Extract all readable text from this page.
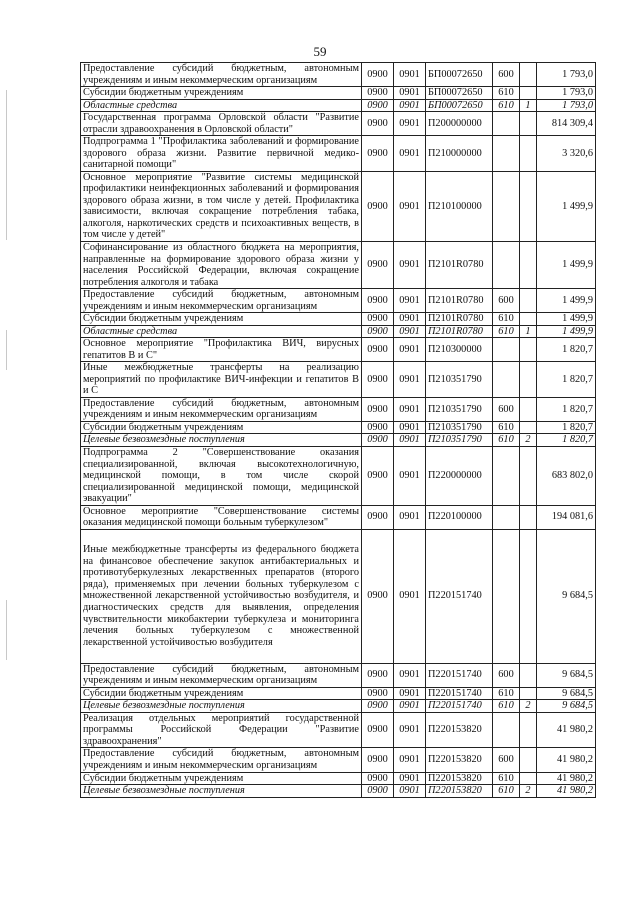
59
Предоставление субсидий бюджетным, автономным учреждениям и иным некоммерческим организациям	0900	0901	БП00072650	600		1 793,0
Субсидии бюджетным учреждениям	0900	0901	БП00072650	610		1 793,0
Областные средства	0900	0901	БП00072650	610	1	1 793,0
Государственная программа Орловской области "Развитие отрасли здравоохранения в Орловской области"	0900	0901	П200000000			814 309,4
Подпрограмма 1 "Профилактика заболеваний и формирование здорового образа жизни. Развитие первичной медико-санитарной помощи"	0900	0901	П210000000			3 320,6
Основное мероприятие "Развитие системы медицинской профилактики неинфекционных заболеваний и формирования здорового образа жизни, в том числе у детей. Профилактика зависимости, включая сокращение потребления табака, алкоголя, наркотических средств и психоактивных веществ, в том числе у детей"	0900	0901	П210100000			1 499,9
Софинансирование из областного бюджета на мероприятия, направленные на формирование здорового образа жизни у населения Российской Федерации, включая сокращение потребления алкоголя и табака	0900	0901	П2101R0780			1 499,9
Предоставление субсидий бюджетным, автономным учреждениям и иным некоммерческим организациям	0900	0901	П2101R0780	600		1 499,9
Субсидии бюджетным учреждениям	0900	0901	П2101R0780	610		1 499,9
Областные средства	0900	0901	П2101R0780	610	1	1 499,9
Основное мероприятие "Профилактика ВИЧ, вирусных гепатитов В и С"	0900	0901	П210300000			1 820,7
Иные межбюджетные трансферты на реализацию мероприятий по профилактике ВИЧ-инфекции и гепатитов В и С	0900	0901	П210351790			1 820,7
Предоставление субсидий бюджетным, автономным учреждениям и иным некоммерческим организациям	0900	0901	П210351790	600		1 820,7
Субсидии бюджетным учреждениям	0900	0901	П210351790	610		1 820,7
Целевые безвозмездные поступления	0900	0901	П210351790	610	2	1 820,7
Подпрограмма 2 "Совершенствование оказания специализированной, включая высокотехнологичную, медицинской помощи, в том числе скорой специализированной медицинской помощи, медицинской эвакуации"	0900	0901	П220000000			683 802,0
Основное мероприятие "Совершенствование системы оказания медицинской помощи больным туберкулезом"	0900	0901	П220100000			194 081,6
Иные межбюджетные трансферты из федерального бюджета на финансовое обеспечение закупок антибактериальных и противотуберкулезных лекарственных препаратов (второго ряда), применяемых при лечении больных туберкулезом с множественной лекарственной устойчивостью возбудителя, и диагностических средств для выявления, определения чувствительности микобактерии туберкулеза и мониторинга лечения больных туберкулезом с множественной лекарственной устойчивостью возбудителя	0900	0901	П220151740			9 684,5
Предоставление субсидий бюджетным, автономным учреждениям и иным некоммерческим организациям	0900	0901	П220151740	600		9 684,5
Субсидии бюджетным учреждениям	0900	0901	П220151740	610		9 684,5
Целевые безвозмездные поступления	0900	0901	П220151740	610	2	9 684,5
Реализация отдельных мероприятий государственной программы Российской Федерации "Развитие здравоохранения"	0900	0901	П220153820			41 980,2
Предоставление субсидий бюджетным, автономным учреждениям и иным некоммерческим организациям	0900	0901	П220153820	600		41 980,2
Субсидии бюджетным учреждениям	0900	0901	П220153820	610		41 980,2
Целевые безвозмездные поступления	0900	0901	П220153820	610	2	41 980,2
